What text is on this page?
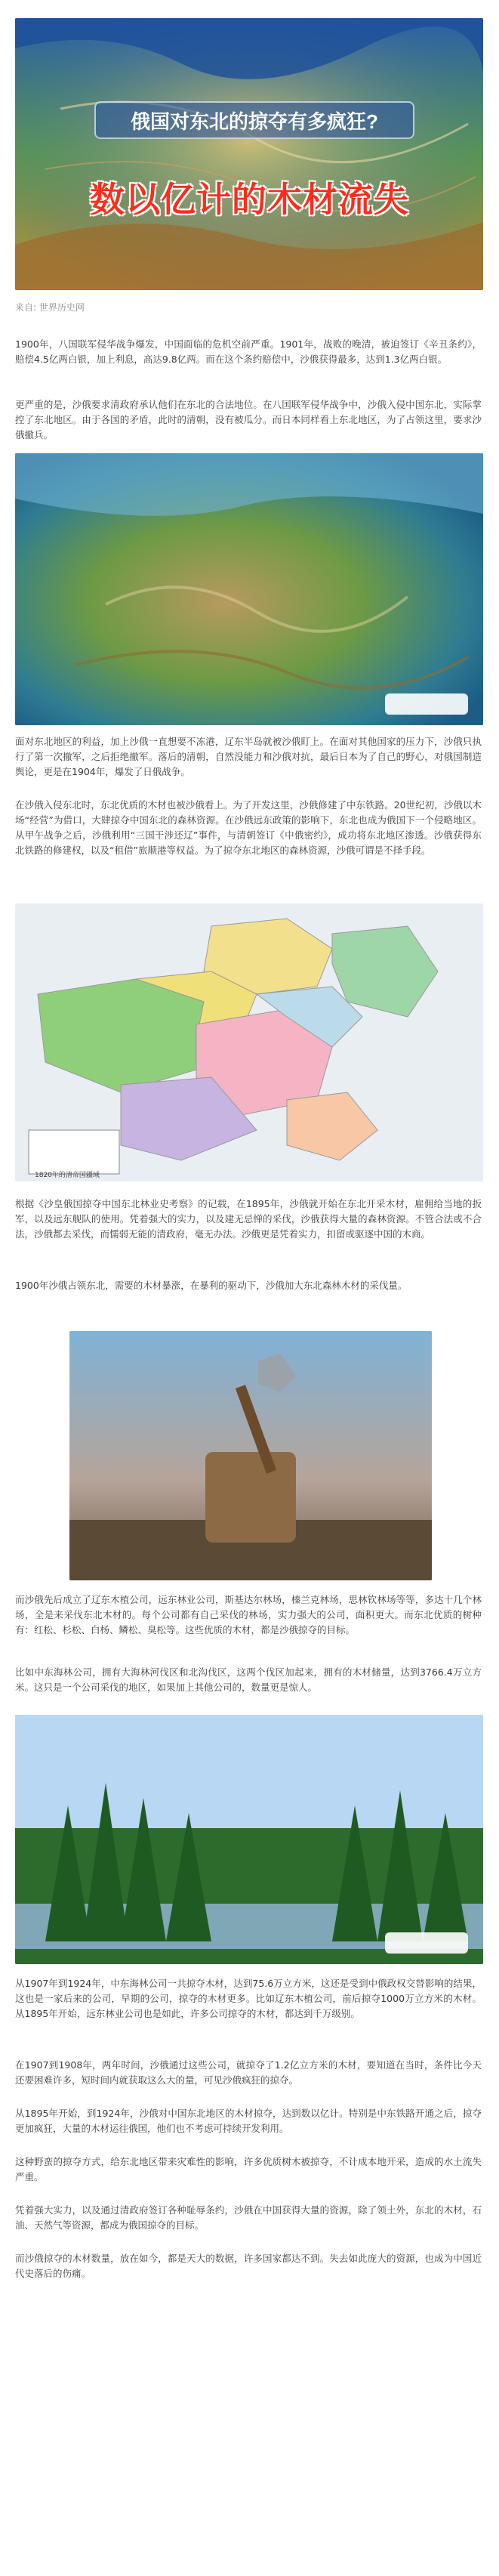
俄国对东北的掠夺有多疯狂?
数以亿计的木材流失
来自: 世界历史网

1900年，八国联军侵华战争爆发，中国面临的危机空前严重。1901年，战败的晚清，被迫签订《辛丑条约》，赔偿4.5亿两白银，加上利息，高达9.8亿两。而在这个条约赔偿中，沙俄获得最多，达到1.3亿两白银。

更严重的是，沙俄要求清政府承认他们在东北的合法地位。在八国联军侵华战争中，沙俄入侵中国东北，实际掌控了东北地区。由于各国的矛盾，此时的清朝，没有被瓜分。而日本同样看上东北地区，为了占领这里，要求沙俄撤兵。

面对东北地区的利益，加上沙俄一直想要不冻港，辽东半岛就被沙俄盯上。在面对其他国家的压力下，沙俄只执行了第一次撤军，之后拒绝撤军。落后的清朝，自然没能力和沙俄对抗，最后日本为了自己的野心，对俄国制造舆论，更是在1904年，爆发了日俄战争。

在沙俄入侵东北时，东北优质的木材也被沙俄看上。为了开发这里，沙俄修建了中东铁路。20世纪初，沙俄以木场“经营”为借口，大肆掠夺中国东北的森林资源。在沙俄远东政策的影响下，东北也成为俄国下一个侵略地区。从甲午战争之后，沙俄利用“三国干涉还辽”事件，与清朝签订《中俄密约》，成功将东北地区渗透。沙俄获得东北铁路的修建权，以及“租借”旅顺港等权益。为了掠夺东北地区的森林资源，沙俄可谓是不择手段。

1820年的清帝国疆域

根据《沙皇俄国掠夺中国东北林业史考察》的记载，在1895年，沙俄就开始在东北开采木材，雇佣给当地的扳军，以及远东舰队的使用。凭着强大的实力，以及建无忌惮的采伐，沙俄获得大量的森林资源。不管合法或不合法，沙俄都去采伐，而懦弱无能的清政府，毫无办法。沙俄更是凭着实力，扣留或驱逐中国的木商。

1900年沙俄占领东北，需要的木材暴涨，在暴利的驱动下，沙俄加大东北森林木材的采伐量。

而沙俄先后成立了辽东木植公司，远东林业公司，斯基达尔林场，榛兰克林场，思林钦林场等等，多达十几个林场，全是来采伐东北木材的。每个公司都有自己采伐的林场，实力强大的公司，面积更大。而东北优质的树种有：红松、杉松、白杨、鳞松、臭松等。这些优质的木材，都是沙俄掠夺的目标。

比如中东海林公司，拥有大海林河伐区和北沟伐区，这两个伐区加起来，拥有的木材储量，达到3766.4万立方米。这只是一个公司采伐的地区，如果加上其他公司的，数量更是惊人。

从1907年到1924年，中东海林公司一共掠夺木材，达到75.6万立方米，这还是受到中俄政权交替影响的结果，这也是一家后来的公司，早期的公司，掠夺的木材更多。比如辽东木植公司，前后掠夺1000万立方米的木材。从1895年开始，远东林业公司也是如此，许多公司掠夺的木材，都达到千万级别。

在1907到1908年，两年时间，沙俄通过这些公司，就掠夺了1.2亿立方米的木材，要知道在当时，条件比今天还要困难许多，短时间内就获取这么大的量，可见沙俄疯狂的掠夺。

从1895年开始，到1924年，沙俄对中国东北地区的木材掠夺，达到数以亿计。特别是中东铁路开通之后，掠夺更加疯狂，大量的木材运往俄国，他们也不考虑可持续开发利用。

这种野蛮的掠夺方式，给东北地区带来灾难性的影响，许多优质树木被掠夺，不计成本地开采，造成的水土流失严重。

凭着强大实力，以及通过清政府签订各种耻辱条约，沙俄在中国获得大量的资源，除了领土外，东北的木材，石油、天然气等资源，都成为俄国掠夺的目标。

而沙俄掠夺的木材数量，放在如今，都是天大的数据，许多国家都达不到。失去如此庞大的资源，也成为中国近代史落后的伤痛。
